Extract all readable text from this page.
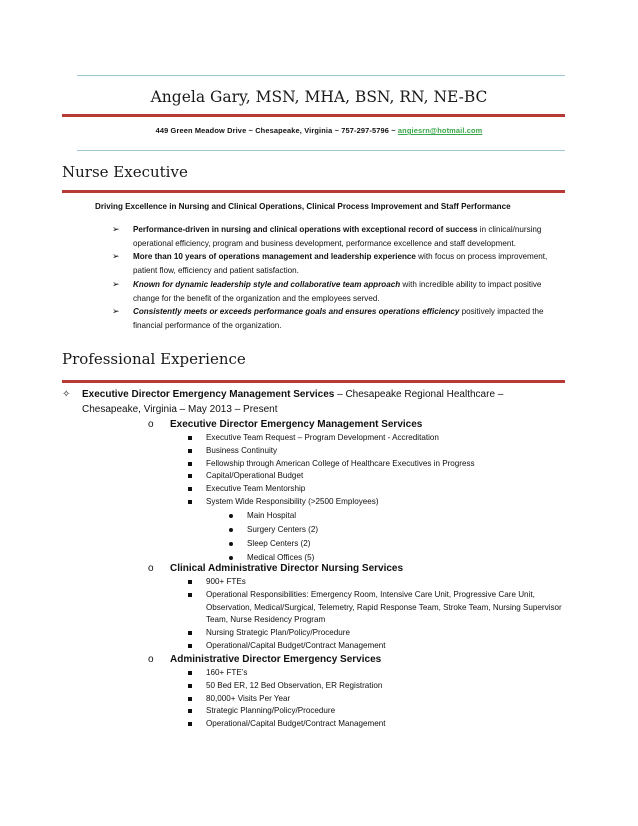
Angela Gary, MSN, MHA, BSN, RN, NE-BC
449 Green Meadow Drive ~ Chesapeake, Virginia ~ 757-297-5796 ~ angiesrn@hotmail.com
Nurse Executive
Driving Excellence in Nursing and Clinical Operations, Clinical Process Improvement and Staff Performance
➢ Performance-driven in nursing and clinical operations with exceptional record of success in clinical/nursing operational efficiency, program and business development, performance excellence and staff development.
➢ More than 10 years of operations management and leadership experience with focus on process improvement, patient flow, efficiency and patient satisfaction.
➢ Known for dynamic leadership style and collaborative team approach with incredible ability to impact positive change for the benefit of the organization and the employees served.
➢ Consistently meets or exceeds performance goals and ensures operations efficiency positively impacted the financial performance of the organization.
Professional Experience
✧	Executive Director Emergency Management Services – Chesapeake Regional Healthcare – Chesapeake, Virginia – May 2013 – Present
o Executive Director Emergency Management Services
Executive Team Request – Program Development - Accreditation
Business Continuity
Fellowship through American College of Healthcare Executives in Progress
Capital/Operational Budget
Executive Team Mentorship
System Wide Responsibility (>2500 Employees)
Main Hospital
Surgery Centers (2)
Sleep Centers (2)
Medical Offices (5)
o Clinical Administrative Director Nursing Services
900+ FTEs
Operational Responsibilities: Emergency Room, Intensive Care Unit, Progressive Care Unit, Observation, Medical/Surgical, Telemetry, Rapid Response Team, Stroke Team, Nursing Supervisor Team, Nurse Residency Program
Nursing Strategic Plan/Policy/Procedure
Operational/Capital Budget/Contract Management
o Administrative Director Emergency Services
160+ FTE’s
50 Bed ER, 12 Bed Observation, ER Registration
80,000+ Visits Per Year
Strategic Planning/Policy/Procedure
Operational/Capital Budget/Contract Management
